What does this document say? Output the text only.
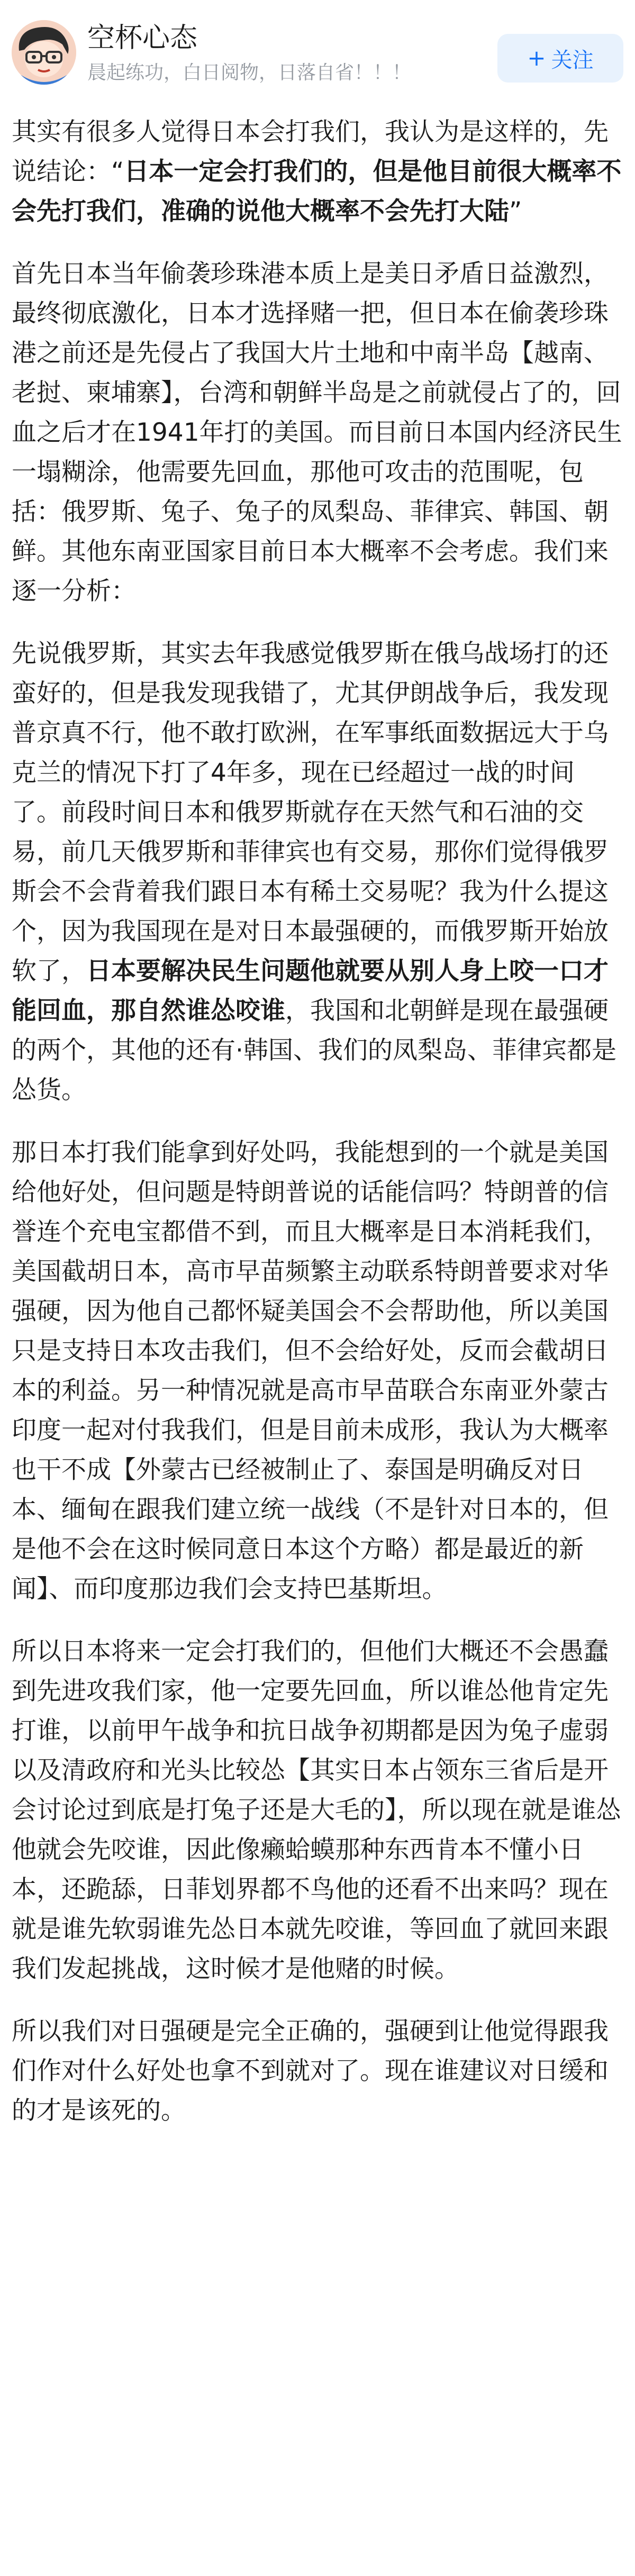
空杯心态
晨起练功，白日阅物，日落自省！！！
+ 关注

其实有很多人觉得日本会打我们，我认为是这样的，先说结论：“日本一定会打我们的，但是他目前很大概率不会先打我们，准确的说他大概率不会先打大陆”

首先日本当年偷袭珍珠港本质上是美日矛盾日益激烈，最终彻底激化，日本才选择赌一把，但日本在偷袭珍珠港之前还是先侵占了我国大片土地和中南半岛【越南、老挝、柬埔寨】，台湾和朝鲜半岛是之前就侵占了的，回血之后才在1941年打的美国。而目前日本国内经济民生一塌糊涂，他需要先回血，那他可攻击的范围呢，包括：俄罗斯、兔子、兔子的凤梨岛、菲律宾、韩国、朝鲜。其他东南亚国家目前日本大概率不会考虑。我们来逐一分析：

先说俄罗斯，其实去年我感觉俄罗斯在俄乌战场打的还蛮好的，但是我发现我错了，尤其伊朗战争后，我发现普京真不行，他不敢打欧洲，在军事纸面数据远大于乌克兰的情况下打了4年多，现在已经超过一战的时间了。前段时间日本和俄罗斯就存在天然气和石油的交易，前几天俄罗斯和菲律宾也有交易，那你们觉得俄罗斯会不会背着我们跟日本有稀土交易呢？我为什么提这个，因为我国现在是对日本最强硬的，而俄罗斯开始放软了，日本要解决民生问题他就要从别人身上咬一口才能回血，那自然谁怂咬谁，我国和北朝鲜是现在最强硬的两个，其他的还有·韩国、我们的凤梨岛、菲律宾都是怂货。

那日本打我们能拿到好处吗，我能想到的一个就是美国给他好处，但问题是特朗普说的话能信吗？特朗普的信誉连个充电宝都借不到，而且大概率是日本消耗我们，美国截胡日本，高市早苗频繁主动联系特朗普要求对华强硬，因为他自己都怀疑美国会不会帮助他，所以美国只是支持日本攻击我们，但不会给好处，反而会截胡日本的利益。另一种情况就是高市早苗联合东南亚外蒙古印度一起对付我我们，但是目前未成形，我认为大概率也干不成【外蒙古已经被制止了、泰国是明确反对日本、缅甸在跟我们建立统一战线（不是针对日本的，但是他不会在这时候同意日本这个方略）都是最近的新闻】、而印度那边我们会支持巴基斯坦。

所以日本将来一定会打我们的，但他们大概还不会愚蠢到先进攻我们家，他一定要先回血，所以谁怂他肯定先打谁，以前甲午战争和抗日战争初期都是因为兔子虚弱以及清政府和光头比较怂【其实日本占领东三省后是开会讨论过到底是打兔子还是大毛的】，所以现在就是谁怂他就会先咬谁，因此像癞蛤蟆那种东西肯本不懂小日本，还跪舔，日菲划界都不鸟他的还看不出来吗？现在就是谁先软弱谁先怂日本就先咬谁，等回血了就回来跟我们发起挑战，这时候才是他赌的时候。

所以我们对日强硬是完全正确的，强硬到让他觉得跟我们作对什么好处也拿不到就对了。现在谁建议对日缓和的才是该死的。
